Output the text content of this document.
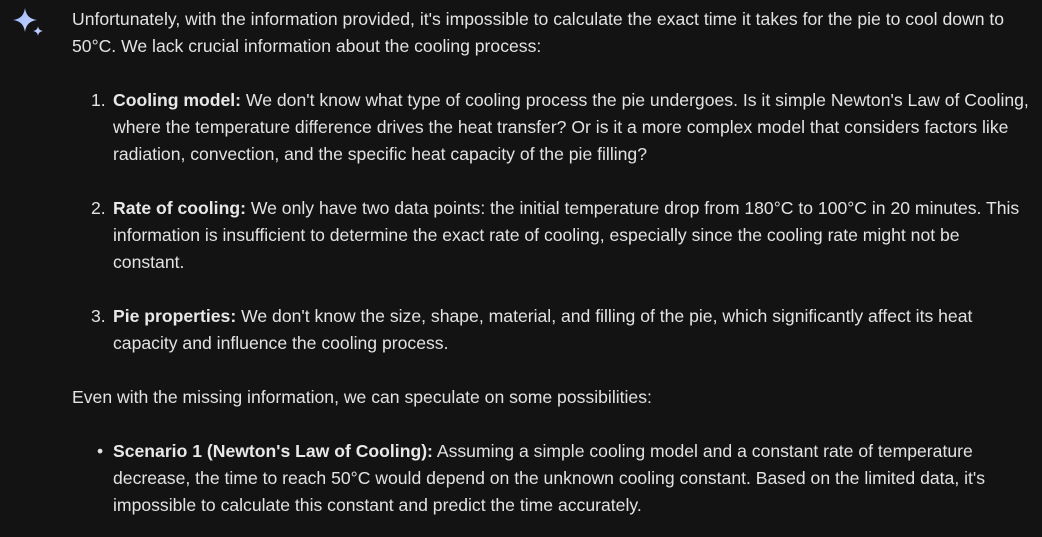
Unfortunately, with the information provided, it's impossible to calculate the exact time it takes for the pie to cool down to 50°C. We lack crucial information about the cooling process:

1. Cooling model: We don't know what type of cooling process the pie undergoes. Is it simple Newton's Law of Cooling, where the temperature difference drives the heat transfer? Or is it a more complex model that considers factors like radiation, convection, and the specific heat capacity of the pie filling?
2. Rate of cooling: We only have two data points: the initial temperature drop from 180°C to 100°C in 20 minutes. This information is insufficient to determine the exact rate of cooling, especially since the cooling rate might not be constant.
3. Pie properties: We don't know the size, shape, material, and filling of the pie, which significantly affect its heat capacity and influence the cooling process.

Even with the missing information, we can speculate on some possibilities:

• Scenario 1 (Newton's Law of Cooling): Assuming a simple cooling model and a constant rate of temperature decrease, the time to reach 50°C would depend on the unknown cooling constant. Based on the limited data, it's impossible to calculate this constant and predict the time accurately.
